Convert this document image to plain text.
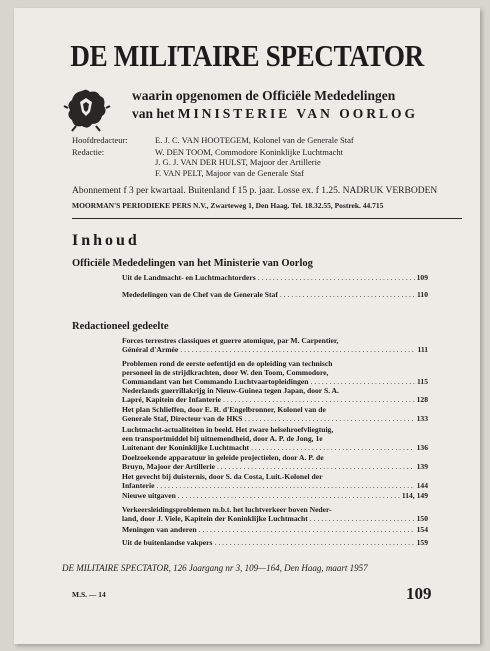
DE MILITAIRE SPECTATOR
waarin opgenomen de Officiële Mededelingen
van het MINISTERIE VAN OORLOG
Hoofdredacteur:	E. J. C. VAN HOOTEGEM, Kolonel van de Generale Staf
Redactie:	W. DEN TOOM, Commodore Koninklijke Luchtmacht
J. G. J. VAN DER HULST, Majoor der Artillerie
F. VAN PELT, Majoor van de Generale Staf
Abonnement f 3 per kwartaal. Buitenland f 15 p. jaar. Losse ex. f 1.25. NADRUK VERBODEN
MOORMAN'S PERIODIEKE PERS N.V., Zwarteweg 1, Den Haag. Tel. 18.32.55, Postrek. 44.715
Inhoud
Officiële Mededelingen van het Ministerie van Oorlog
Uit de Landmacht- en Luchtmachtorders . . .	109
Mededelingen van de Chef van de Generale Staf . . .	110
Redactioneel gedeelte
Forces terrestres classiques et guerre atomique, par M. Carpentier,
Général d'Armée . . .	111
Problemen rond de eerste oefentijd en de opleiding van technisch
personeel in de strijdkrachten, door W. den Toom, Commodore,
Commandant van het Commando Luchtvaartopleidingen . . .	115
Nederlands guerrillakrijg in Nieuw-Guinea tegen Japan, door S. A.
Lapré, Kapitein der Infanterie . . .	128
Het plan Schlieffen, door E. R. d'Engelbronner, Kolonel van de
Generale Staf, Directeur van de HKS . . .	133
Luchtmacht-actualiteiten in beeld. Het zware helsehroefvliegtuig,
een transportmiddel bij uitnemendheid, door A. P. de Jong, 1e
Luitenant der Koninklijke Luchtmacht . . .	136
Doelzoekende apparatuur in geleide projectielen, door A. P. de
Bruyn, Majoor der Artillerie . . .	139
Het gevecht bij duisternis, door S. da Costa, Luit.-Kolonel der
Infanterie . . .	144
Nieuwe uitgaven . . .	114, 149
Verkeersleidingsproblemen m.b.t. het luchtverkeer boven Neder-
land, door J. Viele, Kapitein der Koninklijke Luchtmacht . . .	150
Meningen van anderen . . .	154
Uit de buitenlandse vakpers . . .	159
DE MILITAIRE SPECTATOR, 126 Jaargang nr 3, 109—164, Den Haag, maart 1957
M.S. — 14	109
